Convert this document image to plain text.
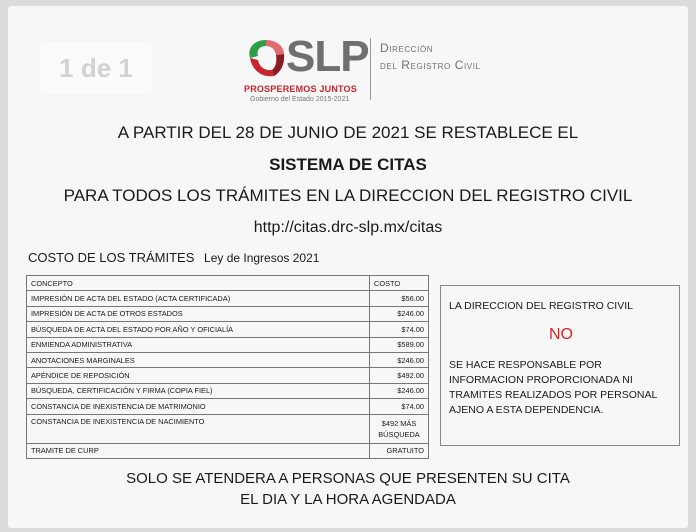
1 de 1	SLP
PROSPEREMOS JUNTOS
Gobierno del Estado 2015-2021
Dirección
del Registro Civil
A PARTIR DEL 28 DE JUNIO DE 2021 SE RESTABLECE EL
SISTEMA DE CITAS
PARA TODOS LOS TRÁMITES EN LA DIRECCION DEL REGISTRO CIVIL
http://citas.drc-slp.mx/citas
COSTO DE LOS TRÁMITES Ley de Ingresos 2021
CONCEPTO	COSTO
IMPRESIÓN DE ACTA DEL ESTADO (ACTA CERTIFICADA)	$56.00
IMPRESIÓN DE ACTA DE OTROS ESTADOS	$246.00
BÚSQUEDA DE ACTA DEL ESTADO POR AÑO Y OFICIALÍA	$74.00
ENMIENDA ADMINISTRATIVA	$589.00
ANOTACIONES MARGINALES	$246.00
APÉNDICE DE REPOSICIÓN	$492.00
BÚSQUEDA, CERTIFICACIÓN Y FIRMA (COPIA FIEL)	$246.00
CONSTANCIA DE INEXISTENCIA DE MATRIMONIO	$74.00
CONSTANCIA DE INEXISTENCIA DE NACIMIENTO	$492 MÁS
BÚSQUEDA

TRAMITE DE CURP	GRATUITO
LA DIRECCION DEL REGISTRO CIVIL
NO
SE HACE RESPONSABLE POR INFORMACION PROPORCIONADA NI TRAMITES REALIZADOS POR PERSONAL AJENO A ESTA DEPENDENCIA.
SOLO SE ATENDERA A PERSONAS QUE PRESENTEN SU CITA
EL DIA Y LA HORA AGENDADA
